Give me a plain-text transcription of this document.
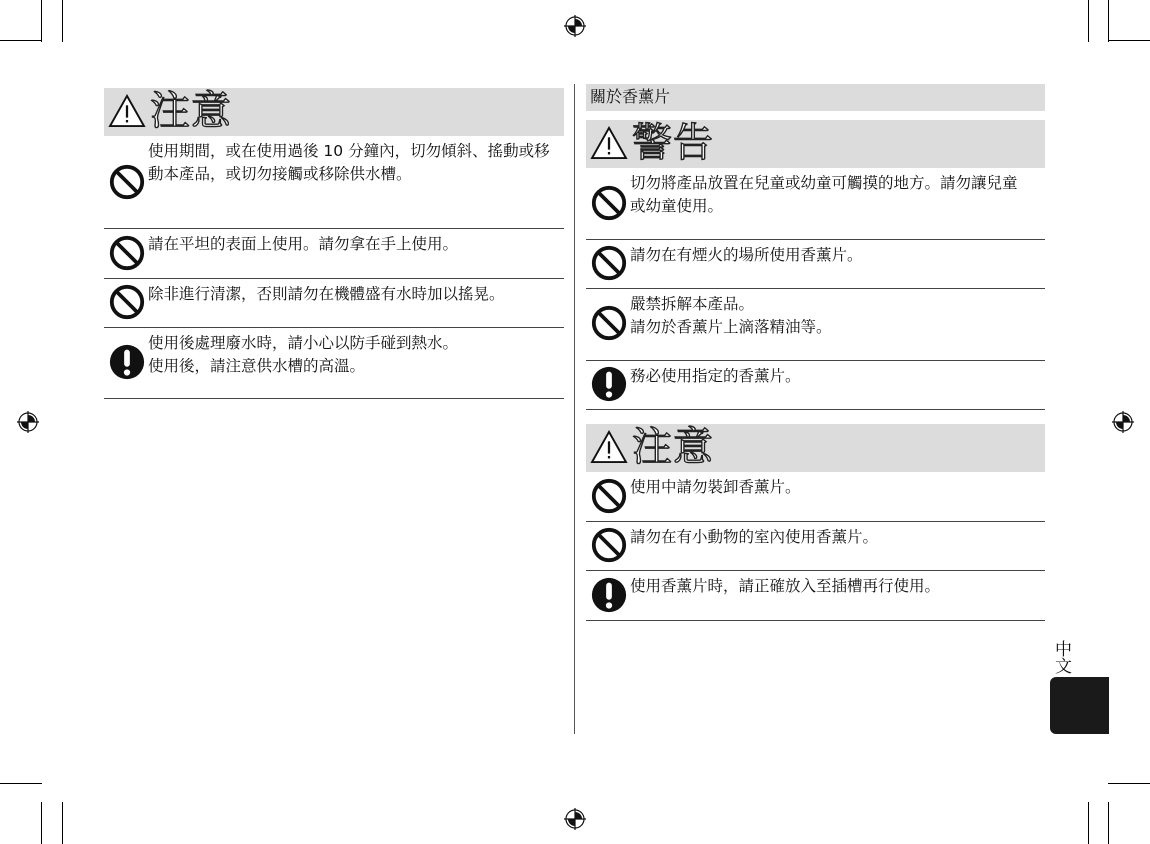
注意
使用期間，或在使用過後 10 分鐘內，切勿傾斜、搖動或移
動本產品，或切勿接觸或移除供水槽。
請在平坦的表面上使用。請勿拿在手上使用。
除非進行清潔，否則請勿在機體盛有水時加以搖晃。
使用後處理廢水時，請小心以防手碰到熱水。
使用後，請注意供水槽的高溫。
關於香薰片
警告
切勿將產品放置在兒童或幼童可觸摸的地方。請勿讓兒童
或幼童使用。
請勿在有煙火的場所使用香薰片。
嚴禁拆解本產品。
請勿於香薰片上滴落精油等。
務必使用指定的香薰片。
注意
使用中請勿裝卸香薰片。
請勿在有小動物的室內使用香薰片。
使用香薰片時，請正確放入至插槽再行使用。
中文
